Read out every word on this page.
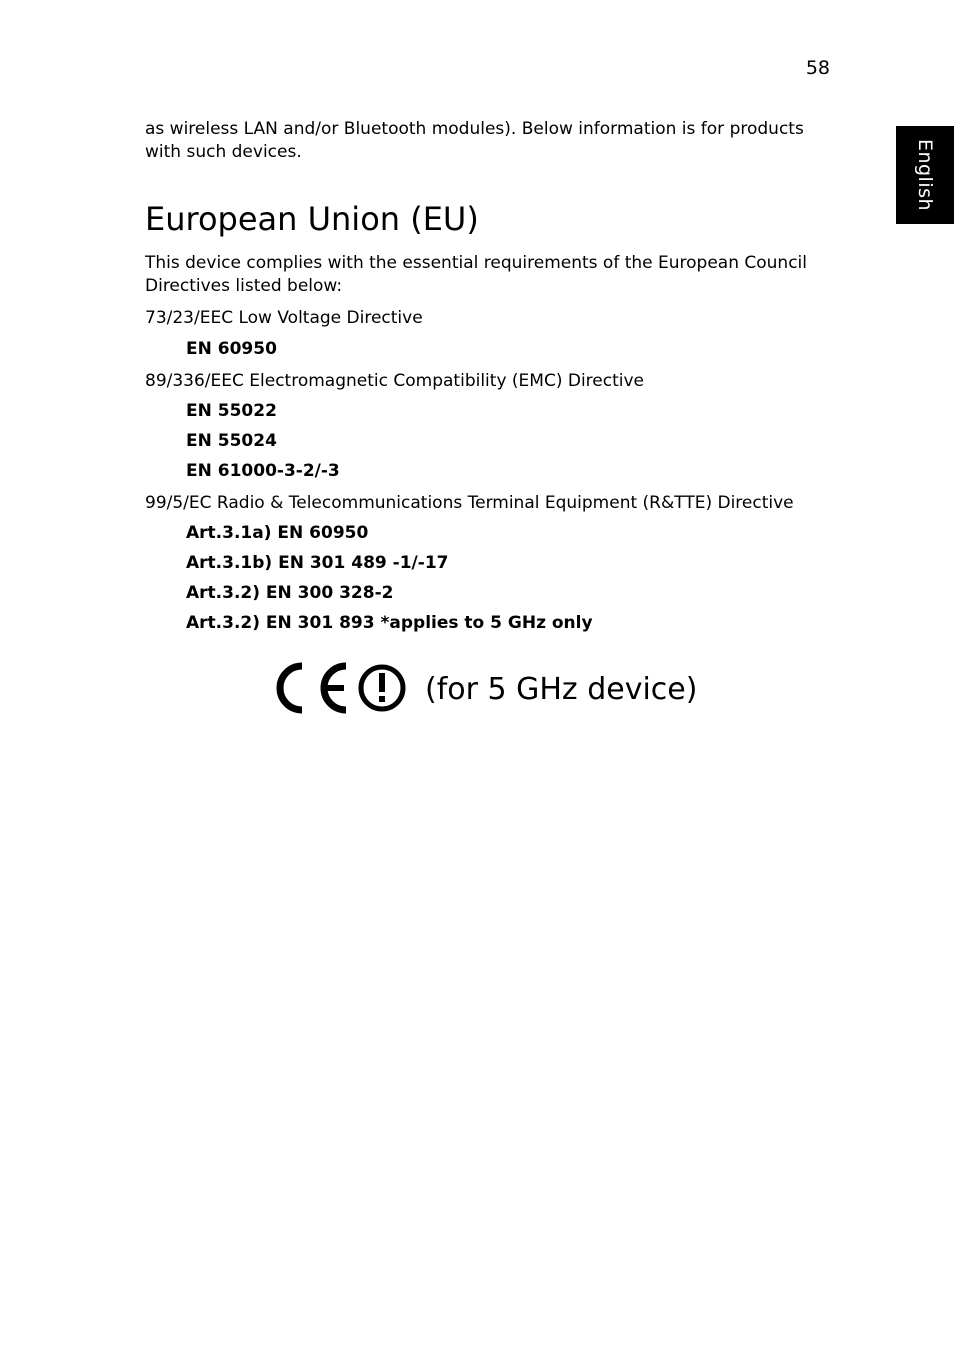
58
English
as wireless LAN and/or Bluetooth modules). Below information is for products with such devices.
European Union (EU)
This device complies with the essential requirements of the European Council Directives listed below:
73/23/EEC Low Voltage Directive
EN 60950
89/336/EEC Electromagnetic Compatibility (EMC) Directive
EN 55022
EN 55024
EN 61000-3-2/-3
99/5/EC Radio & Telecommunications Terminal Equipment (R&TTE) Directive
Art.3.1a) EN 60950
Art.3.1b) EN 301 489 -1/-17
Art.3.2) EN 300 328-2
Art.3.2) EN 301 893 *applies to 5 GHz only
(for 5 GHz device)
